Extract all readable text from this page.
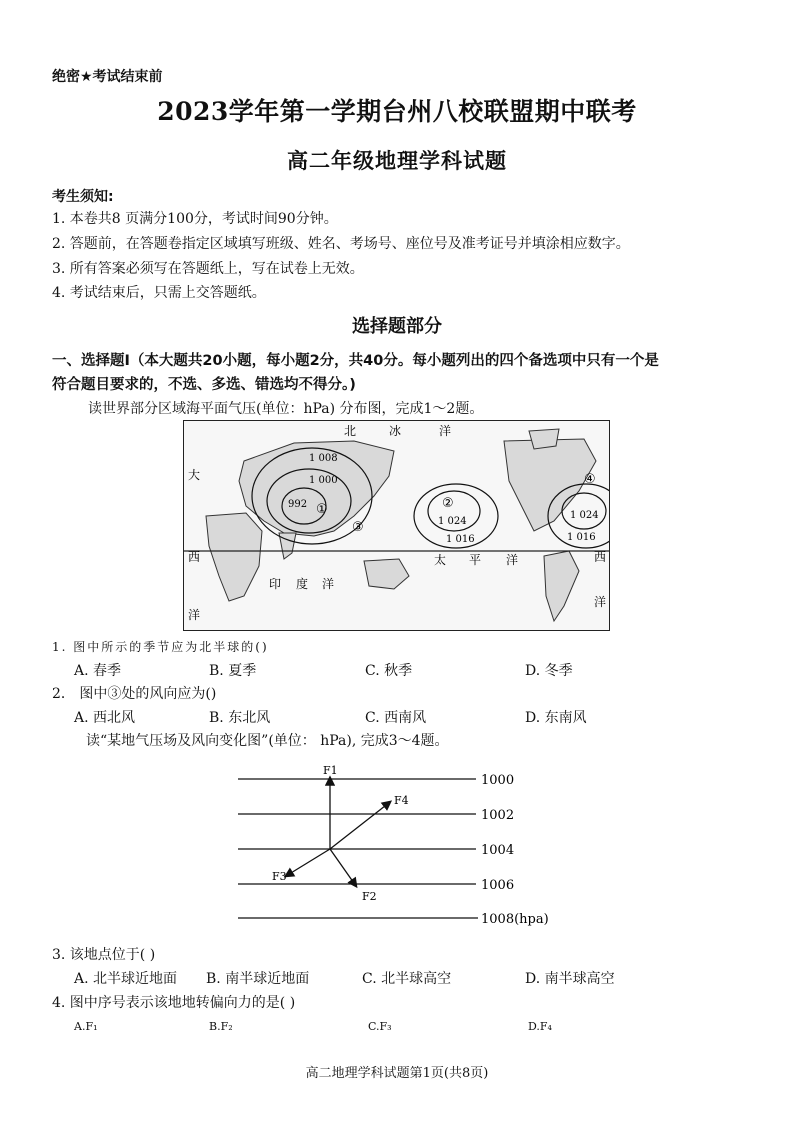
绝密★考试结束前
2023学年第一学期台州八校联盟期中联考
高二年级地理学科试题
考生须知:
1. 本卷共8 页满分100分，考试时间90分钟。
2. 答题前，在答题卷指定区域填写班级、姓名、考场号、座位号及准考证号并填涂相应数字。
3. 所有答案必须写在答题纸上，写在试卷上无效。
4. 考试结束后，只需上交答题纸。
选择题部分
一、选择题I（本大题共20小题，每小题2分，共40分。每小题列出的四个备选项中只有一个是
符合题目要求的，不选、多选、错选均不得分。)
读世界部分区域海平面气压(单位：hPa) 分布图，完成1～2题。
北	冰	洋
大
西
洋
印 度 洋
太 平 洋	西
洋
1 008
1 000
992
1 024
1 016
1 024
1 016
①	②
③
④
1. 图中所示的季节应为北半球的()
A. 春季	B. 夏季	C. 秋季	D. 冬季
2． 图中③处的风向应为()
A. 西北风	B. 东北风	C. 西南风	D. 东南风
读“某地气压场及风向变化图”(单位： hPa), 完成3～4题。
F1
F4
F3
F2
1000
1002
1004
1006
1008(hpa)
3. 该地点位于( )
A. 北半球近地面 B. 南半球近地面	C. 北半球高空	D. 南半球高空
4. 图中序号表示该地地转偏向力的是( )
A.F₁	B.F₂	C.F₃	D.F₄
高二地理学科试题第1页(共8页)
